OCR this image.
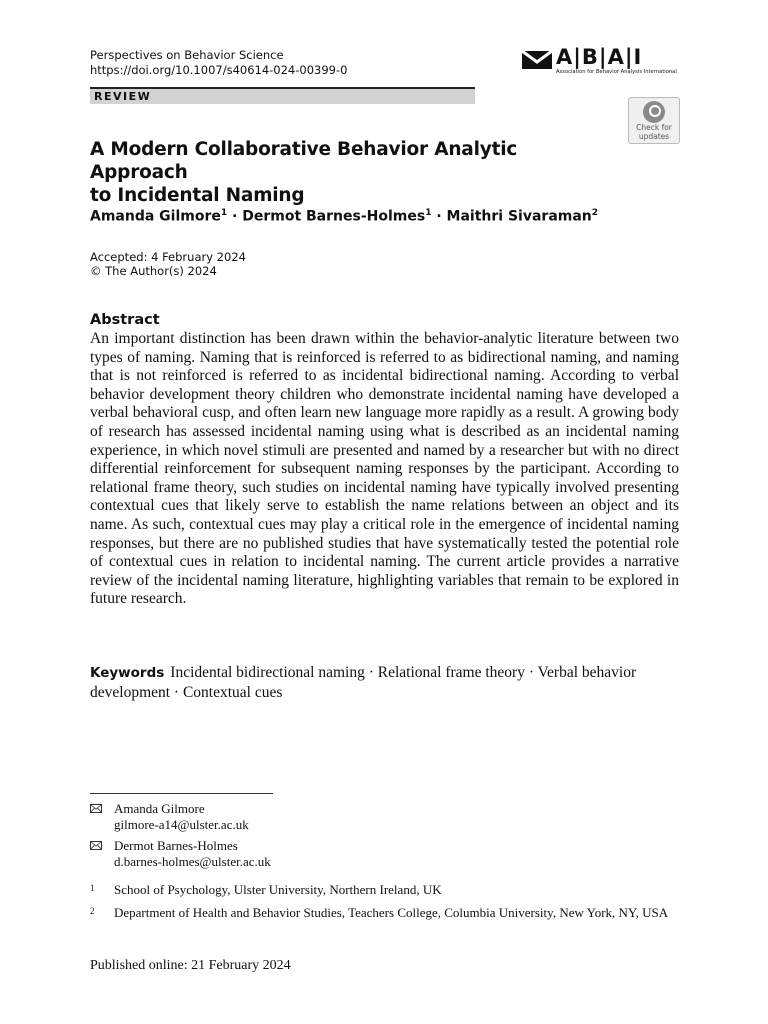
Perspectives on Behavior Science
https://doi.org/10.1007/s40614-024-00399-0
A|B|A|I
Association for Behavior Analysis International
REVIEW
Check for
updates
A Modern Collaborative Behavior Analytic Approach
to Incidental Naming
Amanda Gilmore$^1$ · Dermot Barnes-Holmes$^1$ · Maithri Sivaraman$^2$
Accepted: 4 February 2024
© The Author(s) 2024
Abstract
An important distinction has been drawn within the behavior-analytic literature between two types of naming. Naming that is reinforced is referred to as bidirectional naming, and naming that is not reinforced is referred to as incidental bidirectional naming. According to verbal behavior development theory children who demonstrate incidental naming have developed a verbal behavioral cusp, and often learn new language more rapidly as a result. A growing body of research has assessed incidental naming using what is described as an incidental naming experience, in which novel stimuli are presented and named by a researcher but with no direct differential reinforcement for subsequent naming responses by the participant. According to relational frame theory, such studies on incidental naming have typically involved presenting contextual cues that likely serve to establish the name relations between an object and its name. As such, contextual cues may play a critical role in the emergence of incidental naming responses, but there are no published studies that have systematically tested the potential role of contextual cues in relation to incidental naming. The current article provides a narrative review of the incidental naming literature, highlighting variables that remain to be explored in future research.
Keywords Incidental bidirectional naming · Relational frame theory · Verbal behavior development · Contextual cues
Amanda Gilmore
gilmore-a14@ulster.ac.uk
Dermot Barnes-Holmes
d.barnes-holmes@ulster.ac.uk
1 School of Psychology, Ulster University, Northern Ireland, UK
2 Department of Health and Behavior Studies, Teachers College, Columbia University, New York, NY, USA
Published online: 21 February 2024
